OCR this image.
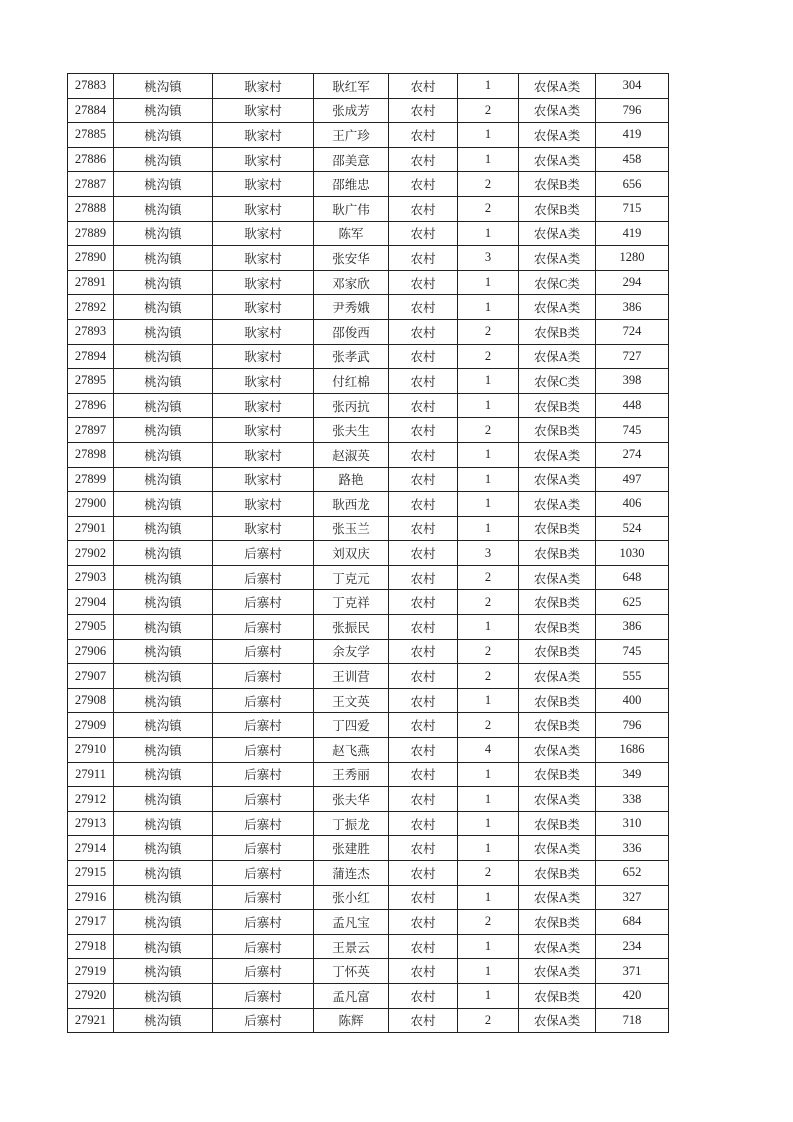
27883	桃沟镇	耿家村	耿红军	农村	1	农保A类	304
27884	桃沟镇	耿家村	张成芳	农村	2	农保A类	796
27885	桃沟镇	耿家村	王广珍	农村	1	农保A类	419
27886	桃沟镇	耿家村	邵美意	农村	1	农保A类	458
27887	桃沟镇	耿家村	邵维忠	农村	2	农保B类	656
27888	桃沟镇	耿家村	耿广伟	农村	2	农保B类	715
27889	桃沟镇	耿家村	陈军	农村	1	农保A类	419
27890	桃沟镇	耿家村	张安华	农村	3	农保A类	1280
27891	桃沟镇	耿家村	邓家欣	农村	1	农保C类	294
27892	桃沟镇	耿家村	尹秀娥	农村	1	农保A类	386
27893	桃沟镇	耿家村	邵俊西	农村	2	农保B类	724
27894	桃沟镇	耿家村	张孝武	农村	2	农保A类	727
27895	桃沟镇	耿家村	付红棉	农村	1	农保C类	398
27896	桃沟镇	耿家村	张丙抗	农村	1	农保B类	448
27897	桃沟镇	耿家村	张夫生	农村	2	农保B类	745
27898	桃沟镇	耿家村	赵淑英	农村	1	农保A类	274
27899	桃沟镇	耿家村	路艳	农村	1	农保A类	497
27900	桃沟镇	耿家村	耿西龙	农村	1	农保A类	406
27901	桃沟镇	耿家村	张玉兰	农村	1	农保B类	524
27902	桃沟镇	后寨村	刘双庆	农村	3	农保B类	1030
27903	桃沟镇	后寨村	丁克元	农村	2	农保A类	648
27904	桃沟镇	后寨村	丁克祥	农村	2	农保B类	625
27905	桃沟镇	后寨村	张振民	农村	1	农保B类	386
27906	桃沟镇	后寨村	余友学	农村	2	农保B类	745
27907	桃沟镇	后寨村	王训营	农村	2	农保A类	555
27908	桃沟镇	后寨村	王文英	农村	1	农保B类	400
27909	桃沟镇	后寨村	丁四爱	农村	2	农保B类	796
27910	桃沟镇	后寨村	赵飞燕	农村	4	农保A类	1686
27911	桃沟镇	后寨村	王秀丽	农村	1	农保B类	349
27912	桃沟镇	后寨村	张夫华	农村	1	农保A类	338
27913	桃沟镇	后寨村	丁振龙	农村	1	农保B类	310
27914	桃沟镇	后寨村	张建胜	农村	1	农保A类	336
27915	桃沟镇	后寨村	蒲连杰	农村	2	农保B类	652
27916	桃沟镇	后寨村	张小红	农村	1	农保A类	327
27917	桃沟镇	后寨村	孟凡宝	农村	2	农保B类	684
27918	桃沟镇	后寨村	王景云	农村	1	农保A类	234
27919	桃沟镇	后寨村	丁怀英	农村	1	农保A类	371
27920	桃沟镇	后寨村	孟凡富	农村	1	农保B类	420
27921	桃沟镇	后寨村	陈辉	农村	2	农保A类	718
